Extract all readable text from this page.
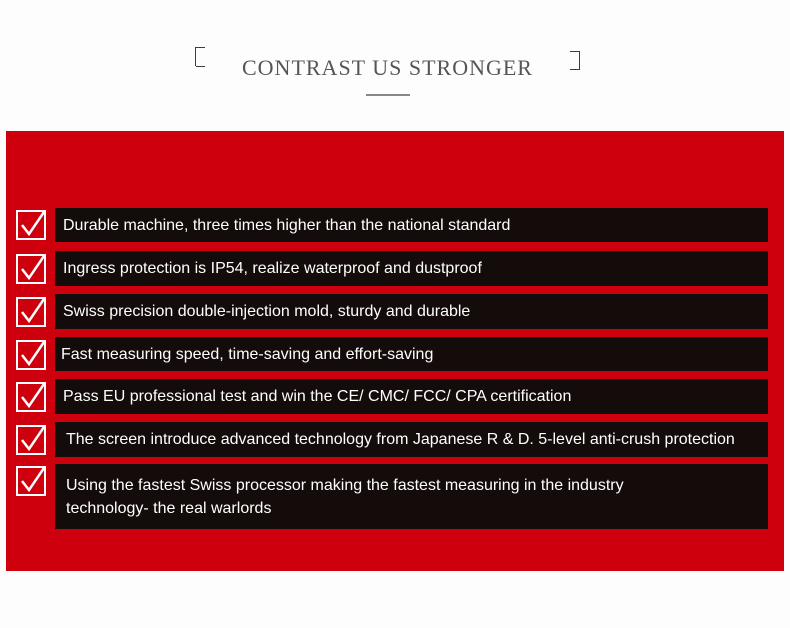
CONTRAST US STRONGER
Durable machine, three times higher than the national standard
Ingress protection is IP54, realize waterproof and dustproof
Swiss precision double-injection mold, sturdy and durable
Fast measuring speed, time-saving and effort-saving
Pass EU professional test and win the CE/ CMC/ FCC/ CPA certification
The screen introduce advanced technology from Japanese R & D. 5-level anti-crush protection
Using the fastest Swiss processor making the fastest measuring in the industry technology- the real warlords
